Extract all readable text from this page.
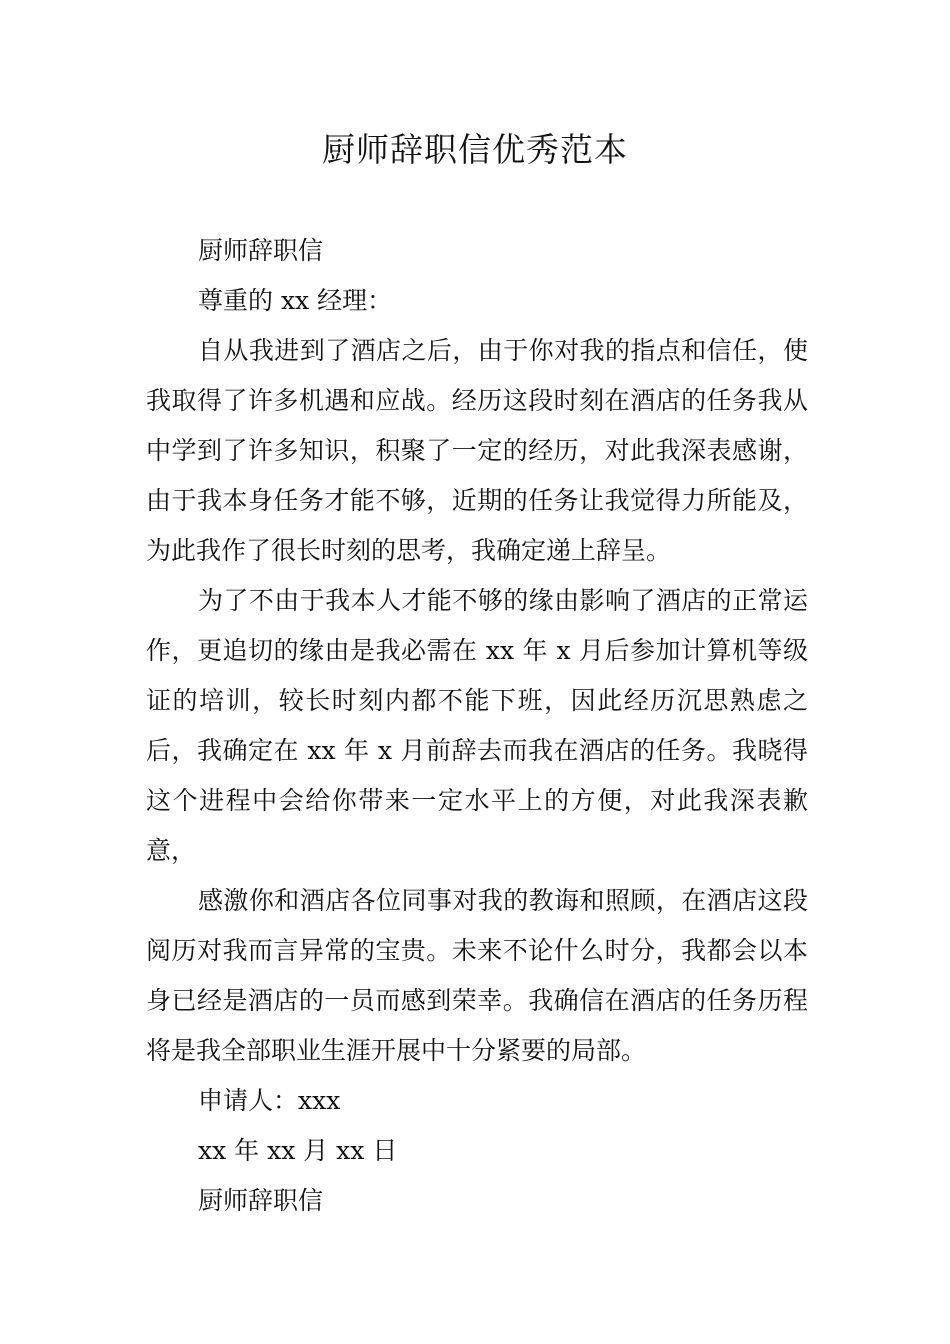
厨师辞职信优秀范本

厨师辞职信

尊重的 xx 经理：

自从我进到了酒店之后，由于你对我的指点和信任，使我取得了许多机遇和应战。经历这段时刻在酒店的任务我从中学到了许多知识，积聚了一定的经历，对此我深表感谢，由于我本身任务才能不够，近期的任务让我觉得力所能及，为此我作了很长时刻的思考，我确定递上辞呈。

为了不由于我本人才能不够的缘由影响了酒店的正常运作，更追切的缘由是我必需在 xx 年 x 月后参加计算机等级证的培训，较长时刻内都不能下班，因此经历沉思熟虑之后，我确定在 xx 年 x 月前辞去而我在酒店的任务。我晓得这个进程中会给你带来一定水平上的方便，对此我深表歉意，

感激你和酒店各位同事对我的教诲和照顾，在酒店这段阅历对我而言异常的宝贵。未来不论什么时分，我都会以本身已经是酒店的一员而感到荣幸。我确信在酒店的任务历程将是我全部职业生涯开展中十分紧要的局部。

申请人：xxx

xx 年 xx 月 xx 日

厨师辞职信
